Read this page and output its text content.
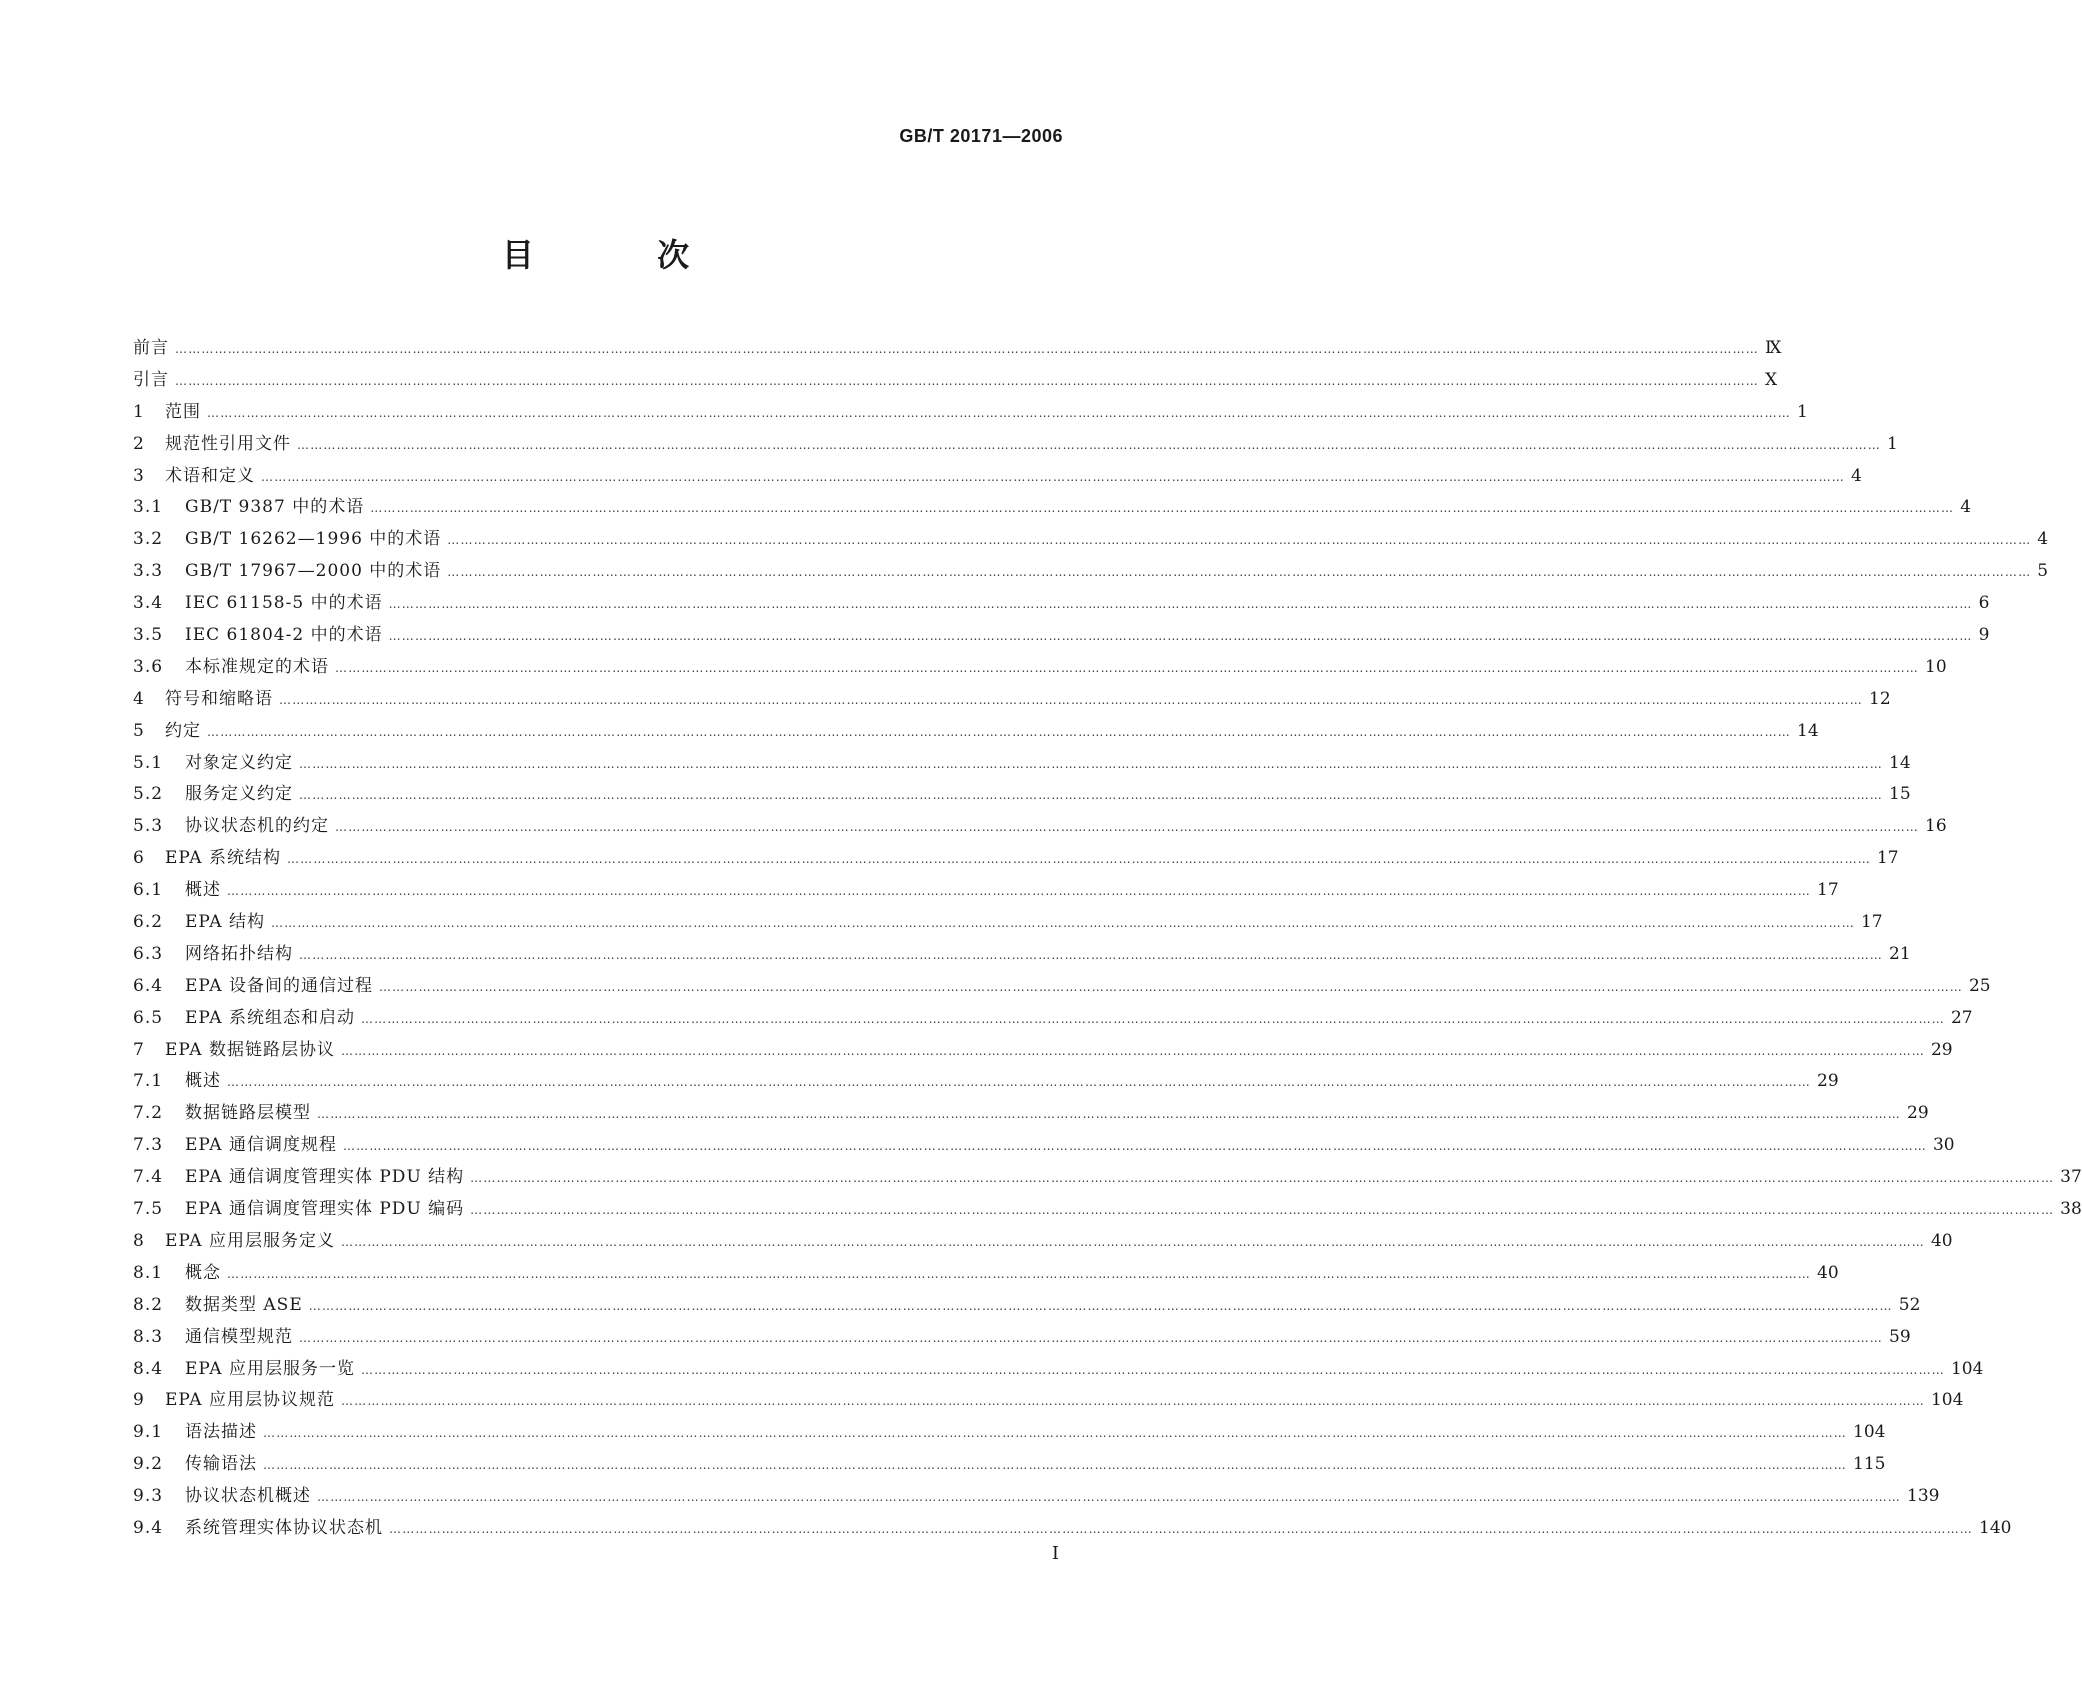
GB/T 20171—2006
目 次
前言 ……………………………………………………………………………………………………………………………………………………………………………………………………………………………………………………………………………………………………………………………… Ⅸ
引言 ……………………………………………………………………………………………………………………………………………………………………………………………………………………………………………………………………………………………………………………………… Ⅹ
1	范围 ……………………………………………………………………………………………………………………………………………………………………………………………………………………………………………………………………………………………………………………………… 1
2	规范性引用文件 ……………………………………………………………………………………………………………………………………………………………………………………………………………………………………………………………………………………………………………………………… 1
3	术语和定义 ……………………………………………………………………………………………………………………………………………………………………………………………………………………………………………………………………………………………………………………………… 4
3.1	GB/T 9387 中的术语 ……………………………………………………………………………………………………………………………………………………………………………………………………………………………………………………………………………………………………………………………… 4
3.2	GB/T 16262—1996 中的术语 ……………………………………………………………………………………………………………………………………………………………………………………………………………………………………………………………………………………………………………………………… 4
3.3	GB/T 17967—2000 中的术语 ……………………………………………………………………………………………………………………………………………………………………………………………………………………………………………………………………………………………………………………………… 5
3.4	IEC 61158-5 中的术语 ……………………………………………………………………………………………………………………………………………………………………………………………………………………………………………………………………………………………………………………………… 6
3.5	IEC 61804-2 中的术语 ……………………………………………………………………………………………………………………………………………………………………………………………………………………………………………………………………………………………………………………………… 9
3.6	本标准规定的术语 ……………………………………………………………………………………………………………………………………………………………………………………………………………………………………………………………………………………………………………………………… 10
4	符号和缩略语 ……………………………………………………………………………………………………………………………………………………………………………………………………………………………………………………………………………………………………………………………… 12
5	约定 ……………………………………………………………………………………………………………………………………………………………………………………………………………………………………………………………………………………………………………………………… 14
5.1	对象定义约定 ……………………………………………………………………………………………………………………………………………………………………………………………………………………………………………………………………………………………………………………………… 14
5.2	服务定义约定 ……………………………………………………………………………………………………………………………………………………………………………………………………………………………………………………………………………………………………………………………… 15
5.3	协议状态机的约定 ……………………………………………………………………………………………………………………………………………………………………………………………………………………………………………………………………………………………………………………………… 16
6	EPA 系统结构 ……………………………………………………………………………………………………………………………………………………………………………………………………………………………………………………………………………………………………………………………… 17
6.1	概述 ……………………………………………………………………………………………………………………………………………………………………………………………………………………………………………………………………………………………………………………………… 17
6.2	EPA 结构 ……………………………………………………………………………………………………………………………………………………………………………………………………………………………………………………………………………………………………………………………… 17
6.3	网络拓扑结构 ……………………………………………………………………………………………………………………………………………………………………………………………………………………………………………………………………………………………………………………………… 21
6.4	EPA 设备间的通信过程 ……………………………………………………………………………………………………………………………………………………………………………………………………………………………………………………………………………………………………………………………… 25
6.5	EPA 系统组态和启动 ……………………………………………………………………………………………………………………………………………………………………………………………………………………………………………………………………………………………………………………………… 27
7	EPA 数据链路层协议 ……………………………………………………………………………………………………………………………………………………………………………………………………………………………………………………………………………………………………………………………… 29
7.1	概述 ……………………………………………………………………………………………………………………………………………………………………………………………………………………………………………………………………………………………………………………………… 29
7.2	数据链路层模型 ……………………………………………………………………………………………………………………………………………………………………………………………………………………………………………………………………………………………………………………………… 29
7.3	EPA 通信调度规程 ……………………………………………………………………………………………………………………………………………………………………………………………………………………………………………………………………………………………………………………………… 30
7.4	EPA 通信调度管理实体 PDU 结构 ……………………………………………………………………………………………………………………………………………………………………………………………………………………………………………………………………………………………………………………………… 37
7.5	EPA 通信调度管理实体 PDU 编码 ……………………………………………………………………………………………………………………………………………………………………………………………………………………………………………………………………………………………………………………………… 38
8	EPA 应用层服务定义 ……………………………………………………………………………………………………………………………………………………………………………………………………………………………………………………………………………………………………………………………… 40
8.1	概念 ……………………………………………………………………………………………………………………………………………………………………………………………………………………………………………………………………………………………………………………………… 40
8.2	数据类型 ASE ……………………………………………………………………………………………………………………………………………………………………………………………………………………………………………………………………………………………………………………………… 52
8.3	通信模型规范 ……………………………………………………………………………………………………………………………………………………………………………………………………………………………………………………………………………………………………………………………… 59
8.4	EPA 应用层服务一览 ……………………………………………………………………………………………………………………………………………………………………………………………………………………………………………………………………………………………………………………………… 104
9	EPA 应用层协议规范 ……………………………………………………………………………………………………………………………………………………………………………………………………………………………………………………………………………………………………………………………… 104
9.1	语法描述 ……………………………………………………………………………………………………………………………………………………………………………………………………………………………………………………………………………………………………………………………… 104
9.2	传输语法 ……………………………………………………………………………………………………………………………………………………………………………………………………………………………………………………………………………………………………………………………… 115
9.3	协议状态机概述 ……………………………………………………………………………………………………………………………………………………………………………………………………………………………………………………………………………………………………………………………… 139
9.4	系统管理实体协议状态机 ……………………………………………………………………………………………………………………………………………………………………………………………………………………………………………………………………………………………………………………………… 140
I
